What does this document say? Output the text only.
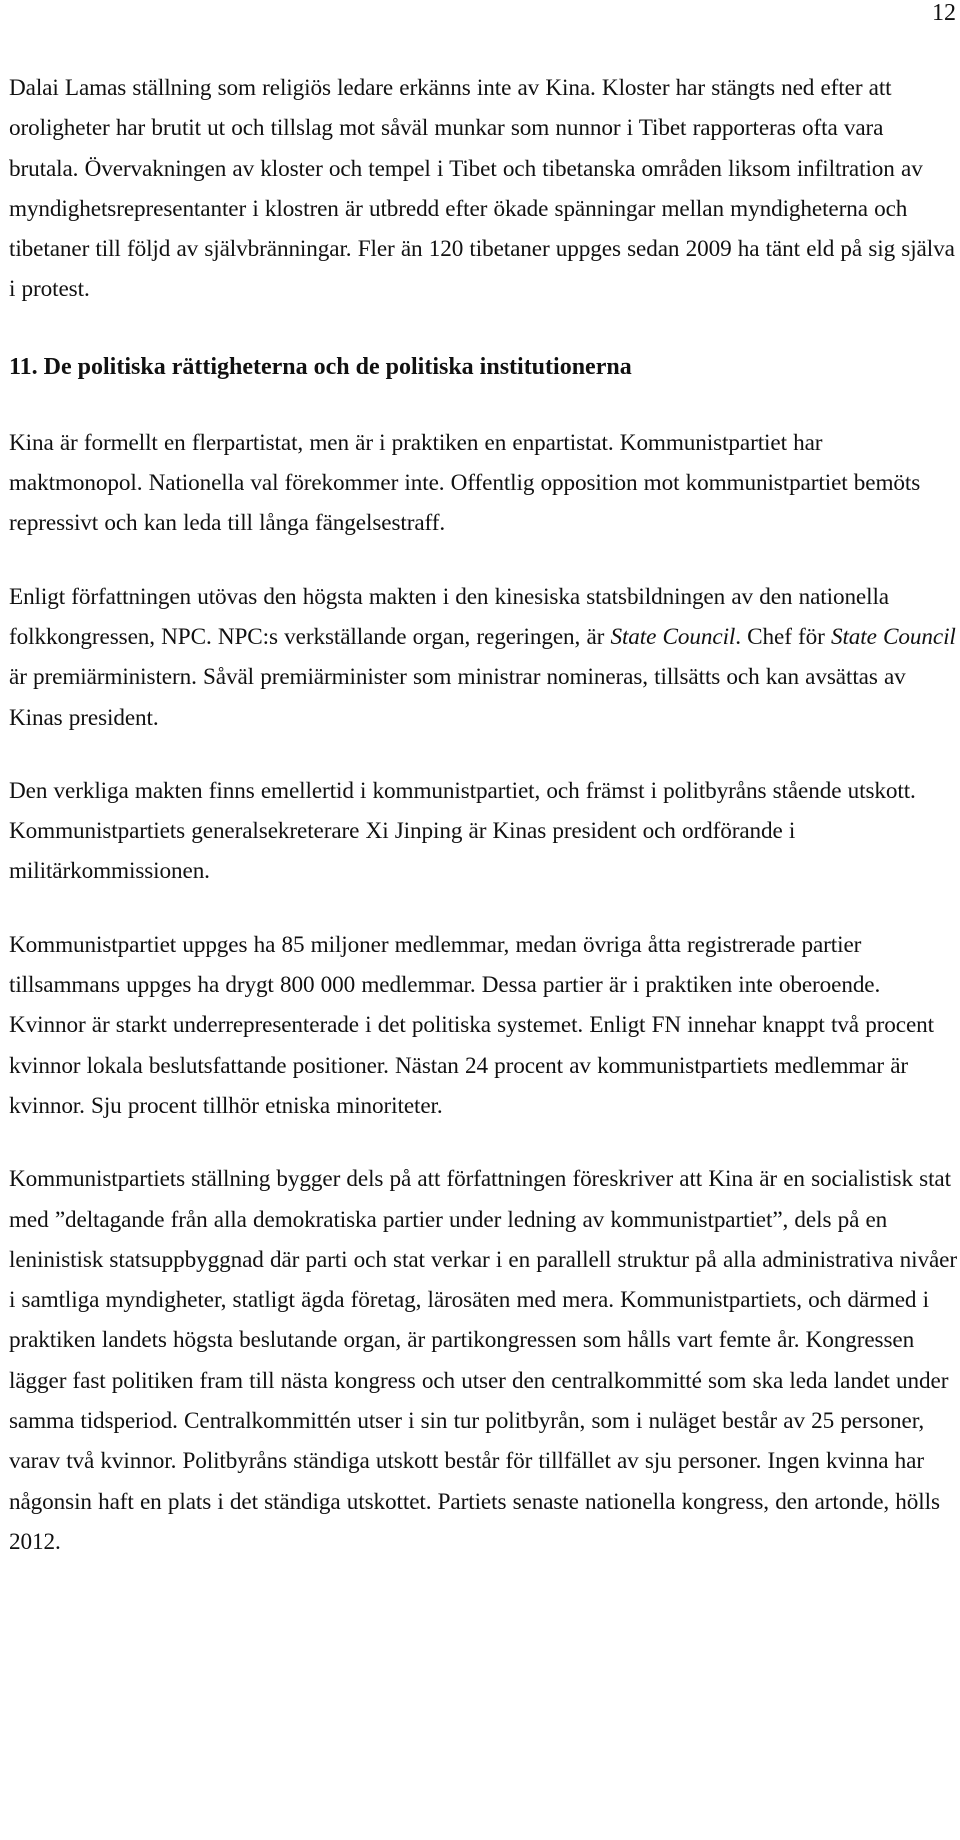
12

Dalai Lamas ställning som religiös ledare erkänns inte av Kina. Kloster har stängts ned efter att oroligheter har brutit ut och tillslag mot såväl munkar som nunnor i Tibet rapporteras ofta vara brutala. Övervakningen av kloster och tempel i Tibet och tibetanska områden liksom infiltration av myndighetsrepresentanter i klostren är utbredd efter ökade spänningar mellan myndigheterna och tibetaner till följd av självbränningar. Fler än 120 tibetaner uppges sedan 2009 ha tänt eld på sig själva i protest.

11. De politiska rättigheterna och de politiska institutionerna

Kina är formellt en flerpartistat, men är i praktiken en enpartistat. Kommunistpartiet har maktmonopol. Nationella val förekommer inte. Offentlig opposition mot kommunistpartiet bemöts repressivt och kan leda till långa fängelsestraff.

Enligt författningen utövas den högsta makten i den kinesiska statsbildningen av den nationella folkkongressen, NPC. NPC:s verkställande organ, regeringen, är State Council. Chef för State Council är premiärministern. Såväl premiärminister som ministrar nomineras, tillsätts och kan avsättas av Kinas president.

Den verkliga makten finns emellertid i kommunistpartiet, och främst i politbyråns stående utskott. Kommunistpartiets generalsekreterare Xi Jinping är Kinas president och ordförande i militärkommissionen.

Kommunistpartiet uppges ha 85 miljoner medlemmar, medan övriga åtta registrerade partier tillsammans uppges ha drygt 800 000 medlemmar. Dessa partier är i praktiken inte oberoende. Kvinnor är starkt underrepresenterade i det politiska systemet. Enligt FN innehar knappt två procent kvinnor lokala beslutsfattande positioner. Nästan 24 procent av kommunistpartiets medlemmar är kvinnor. Sju procent tillhör etniska minoriteter.

Kommunistpartiets ställning bygger dels på att författningen föreskriver att Kina är en socialistisk stat med ”deltagande från alla demokratiska partier under ledning av kommunistpartiet”, dels på en leninistisk statsuppbyggnad där parti och stat verkar i en parallell struktur på alla administrativa nivåer i samtliga myndigheter, statligt ägda företag, lärosäten med mera. Kommunistpartiets, och därmed i praktiken landets högsta beslutande organ, är partikongressen som hålls vart femte år. Kongressen lägger fast politiken fram till nästa kongress och utser den centralkommitté som ska leda landet under samma tidsperiod. Centralkommittén utser i sin tur politbyrån, som i nuläget består av 25 personer, varav två kvinnor. Politbyråns ständiga utskott består för tillfället av sju personer. Ingen kvinna har någonsin haft en plats i det ständiga utskottet. Partiets senaste nationella kongress, den artonde, hölls 2012.
